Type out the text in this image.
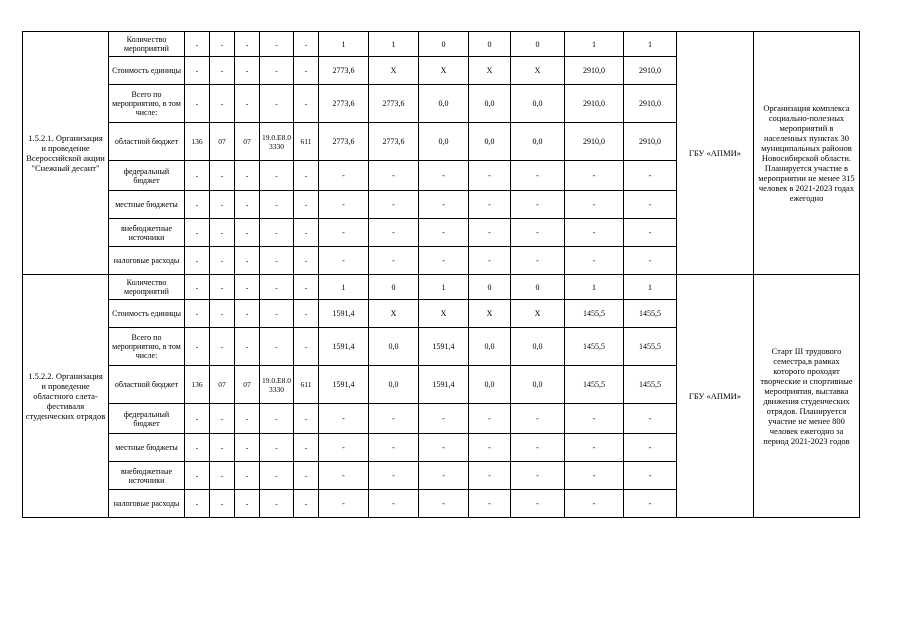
1.5.2.1. Организация и проведение Всероссийской акции "Снежный десант"	Количество мероприятий	-	-	-	-	-	1	1	0	0	0	1	1	ГБУ «АПМИ»	Организация комплекса социально-полезных мероприятий в населенных пунктах 30 муниципальных районов Новосибирской области. Планируется участие в мероприятии не менее 315 человек в 2021-2023 годах ежегодно
	Стоимость единицы	-	-	-	-	-	2773,6	X	X	X	X	2910,0	2910,0		
	Всего по мероприятию, в том числе:	-	-	-	-	-	2773,6	2773,6	0,0	0,0	0,0	2910,0	2910,0		
	областной бюджет	136	07	07	19.0.E8.0 3330	611	2773,6	2773,6	0,0	0,0	0,0	2910,0	2910,0		
	федеральный бюджет	-	-	-	-	-	-	-	-	-	-	-	-		
	местные бюджеты	-	-	-	-	-	-	-	-	-	-	-	-		
	внебюджетные источники	-	-	-	-	-	-	-	-	-	-	-	-		
	налоговые расходы	-	-	-	-	-	-	-	-	-	-	-	-		
1.5.2.2. Организация и проведение областного слета-фестиваля студенческих отрядов	Количество мероприятий	-	-	-	-	-	1	0	1	0	0	1	1	ГБУ «АПМИ»	Старт III трудового семестра,в рамках которого проходят творческие и спортивные мероприятия, выставка движения студенческих отрядов. Планируется участие не менее 800 человек ежегодно за период 2021-2023 годов
	Стоимость единицы	-	-	-	-	-	1591,4	X	X	X	X	1455,5	1455,5		
	Всего по мероприятию, в том числе:	-	-	-	-	-	1591,4	0,0	1591,4	0,0	0,0	1455,5	1455,5		
	областной бюджет	136	07	07	19.0.E8.0 3330	611	1591,4	0,0	1591,4	0,0	0,0	1455,5	1455,5		
	федеральный бюджет	-	-	-	-	-	-	-	-	-	-	-	-		
	местные бюджеты	-	-	-	-	-	-	-	-	-	-	-	-		
	внебюджетные источники	-	-	-	-	-	-	-	-	-	-	-	-		
	налоговые расходы	-	-	-	-	-	-	-	-	-	-	-	-		
